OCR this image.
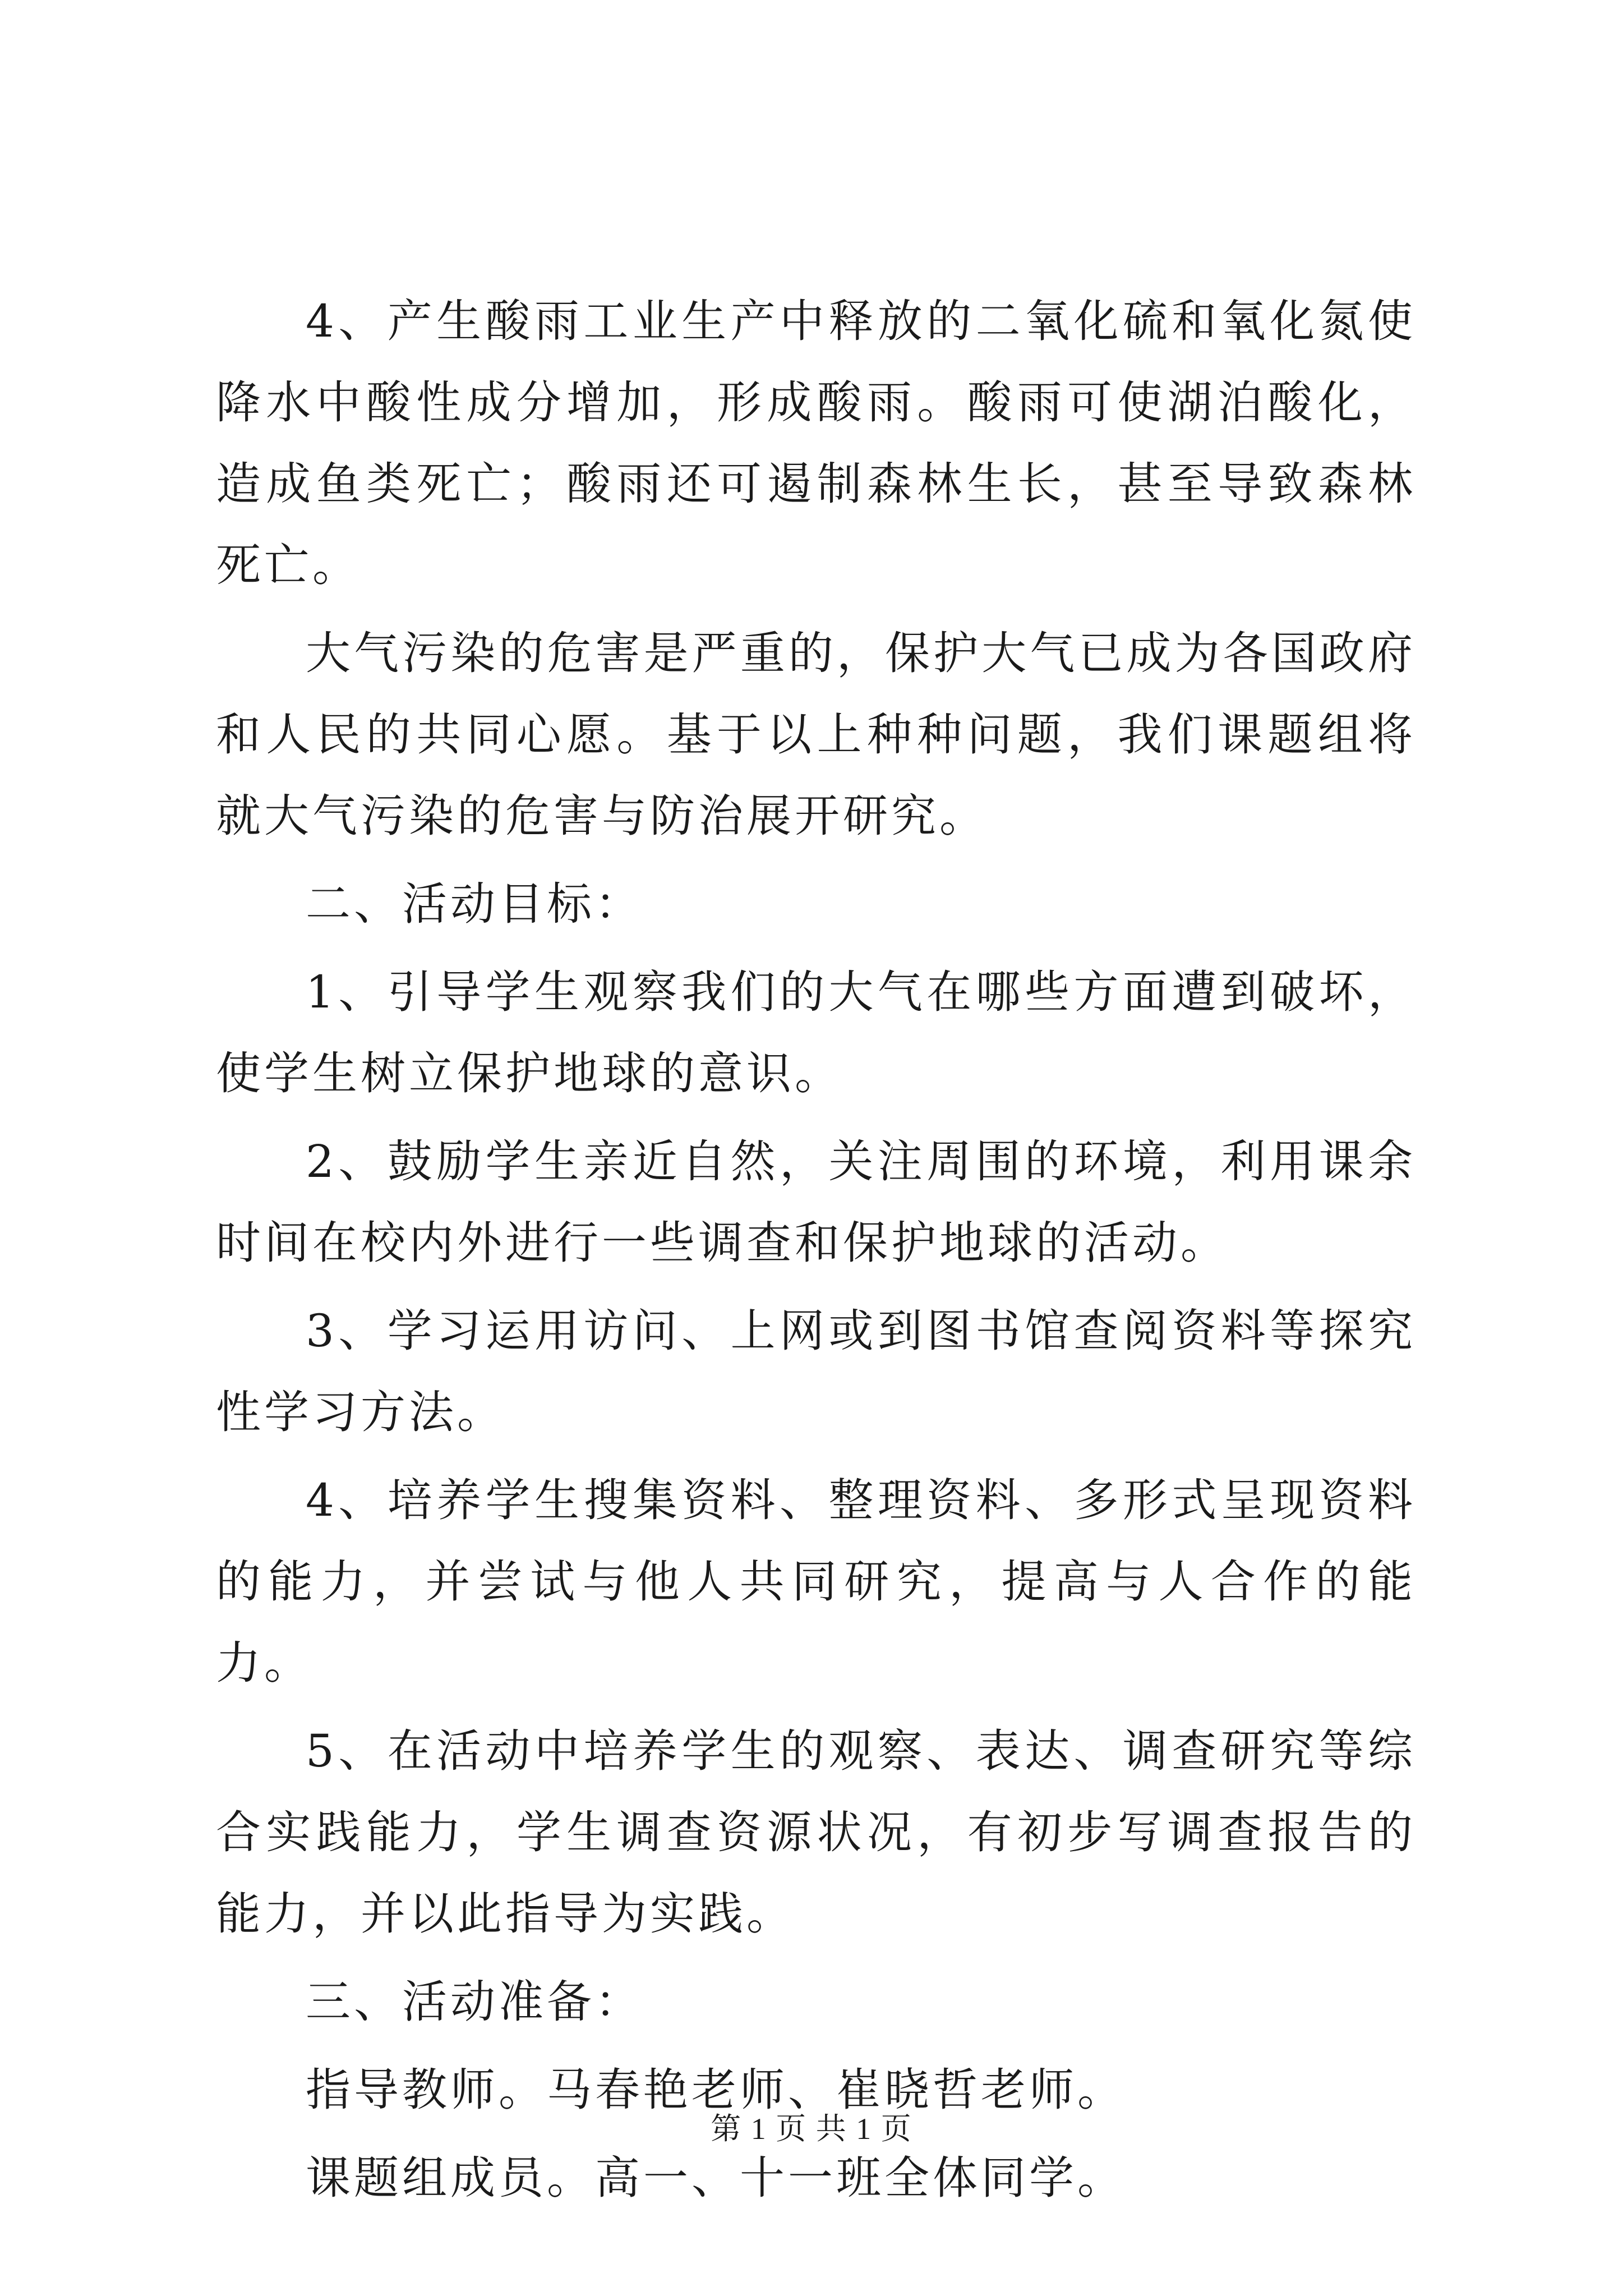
4、产生酸雨工业生产中释放的二氧化硫和氧化氮使降水中酸性成分增加，形成酸雨。酸雨可使湖泊酸化，造成鱼类死亡；酸雨还可遏制森林生长，甚至导致森林死亡。

大气污染的危害是严重的，保护大气已成为各国政府和人民的共同心愿。基于以上种种问题，我们课题组将就大气污染的危害与防治展开研究。

二、活动目标：

1、引导学生观察我们的大气在哪些方面遭到破坏，使学生树立保护地球的意识。

2、鼓励学生亲近自然，关注周围的环境，利用课余时间在校内外进行一些调查和保护地球的活动。

3、学习运用访问、上网或到图书馆查阅资料等探究性学习方法。

4、培养学生搜集资料、整理资料、多形式呈现资料的能力，并尝试与他人共同研究，提高与人合作的能力。

5、在活动中培养学生的观察、表达、调查研究等综合实践能力，学生调查资源状况，有初步写调查报告的能力，并以此指导为实践。

三、活动准备：

指导教师。马春艳老师、崔晓哲老师。

课题组成员。高一、十一班全体同学。

第 1 页 共 1 页
